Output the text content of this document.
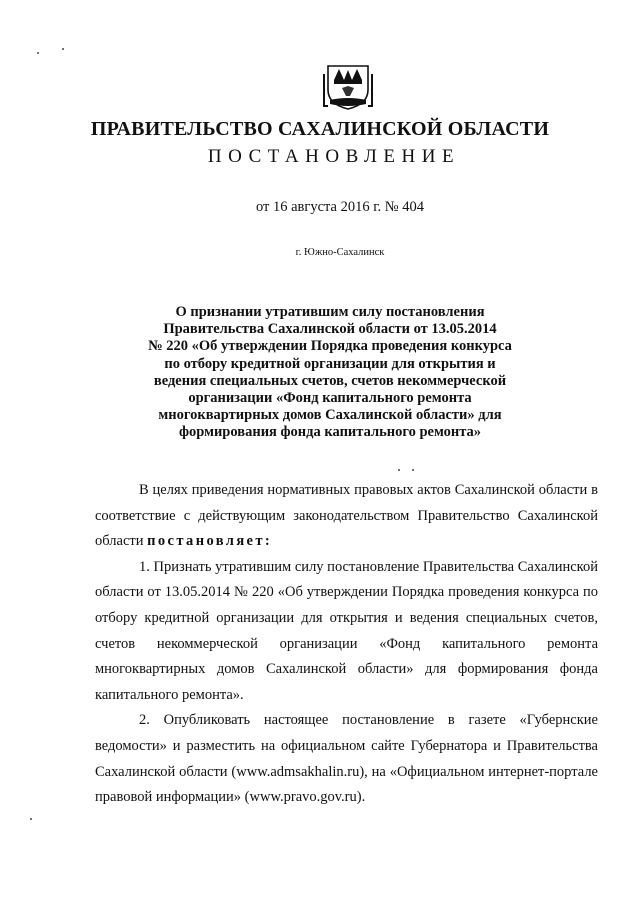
ПРАВИТЕЛЬСТВО САХАЛИНСКОЙ ОБЛАСТИ
ПОСТАНОВЛЕНИЕ
от 16 августа 2016 г. № 404
г. Южно-Сахалинск
О признании утратившим силу постановления
Правительства Сахалинской области от 13.05.2014
№ 220 «Об утверждении Порядка проведения конкурса
по отбору кредитной организации для открытия и
ведения специальных счетов, счетов некоммерческой
организации «Фонд капитального ремонта
многоквартирных домов Сахалинской области» для
формирования фонда капитального ремонта»

В целях приведения нормативных правовых актов Сахалинской области в соответствие с действующим законодательством Правительство Сахалинской области постановляет:

1. Признать утратившим силу постановление Правительства Сахалинской области от 13.05.2014 № 220 «Об утверждении Порядка проведения конкурса по отбору кредитной организации для открытия и ведения специальных счетов, счетов некоммерческой организации «Фонд капитального ремонта многоквартирных домов Сахалинской области» для формирования фонда капитального ремонта».

2. Опубликовать настоящее постановление в газете «Губернские ведомости» и разместить на официальном сайте Губернатора и Правительства Сахалинской области (www.admsakhalin.ru), на «Официальном интернет-портале правовой информации» (www.pravo.gov.ru).
